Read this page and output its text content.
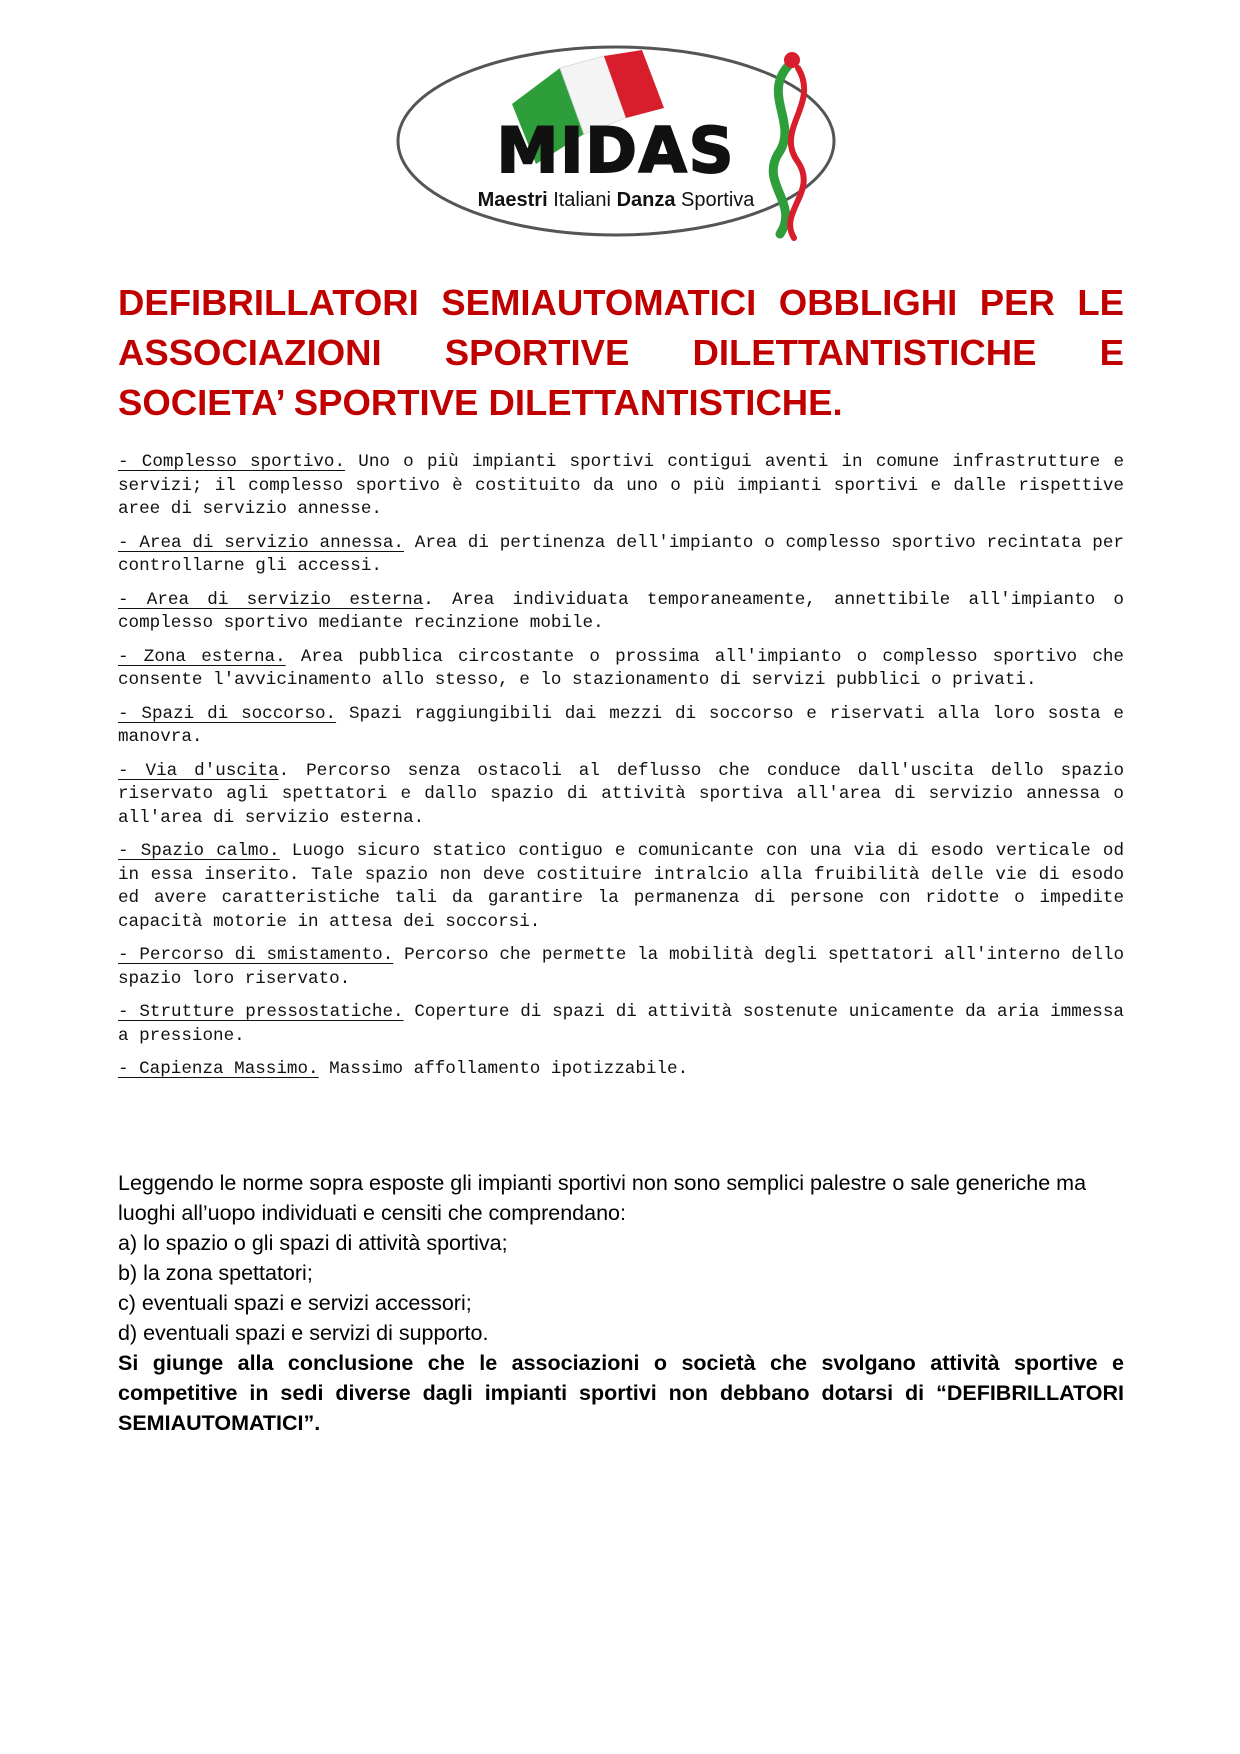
MIDAS
Maestri Italiani Danza Sportiva
DEFIBRILLATORI SEMIAUTOMATICI OBBLIGHI PER LE ASSOCIAZIONI SPORTIVE DILETTANTISTICHE E SOCIETA’ SPORTIVE DILETTANTISTICHE.

- Complesso sportivo. Uno o più impianti sportivi contigui aventi in comune infrastrutture e servizi; il complesso sportivo è costituito da uno o più impianti sportivi e dalle rispettive aree di servizio annesse.

- Area di servizio annessa. Area di pertinenza dell'impianto o complesso sportivo recintata per controllarne gli accessi.

- Area di servizio esterna. Area individuata temporaneamente, annettibile all'impianto o complesso sportivo mediante recinzione mobile.

- Zona esterna. Area pubblica circostante o prossima all'impianto o complesso sportivo che consente l'avvicinamento allo stesso, e lo stazionamento di servizi pubblici o privati.

- Spazi di soccorso. Spazi raggiungibili dai mezzi di soccorso e riservati alla loro sosta e manovra.

- Via d'uscita. Percorso senza ostacoli al deflusso che conduce dall'uscita dello spazio riservato agli spettatori e dallo spazio di attività sportiva all'area di servizio annessa o all'area di servizio esterna.

- Spazio calmo. Luogo sicuro statico contiguo e comunicante con una via di esodo verticale od in essa inserito. Tale spazio non deve costituire intralcio alla fruibilità delle vie di esodo ed avere caratteristiche tali da garantire la permanenza di persone con ridotte o impedite capacità motorie in attesa dei soccorsi.

- Percorso di smistamento. Percorso che permette la mobilità degli spettatori all'interno dello spazio loro riservato.

- Strutture pressostatiche. Coperture di spazi di attività sostenute unicamente da aria immessa a pressione.

- Capienza Massimo. Massimo affollamento ipotizzabile.

Leggendo le norme sopra esposte gli impianti sportivi non sono semplici palestre o sale generiche ma luoghi all’uopo individuati e censiti che comprendano:

a) lo spazio o gli spazi di attività sportiva;

b) la zona spettatori;

c) eventuali spazi e servizi accessori;

d) eventuali spazi e servizi di supporto.

Si giunge alla conclusione che le associazioni o società che svolgano attività sportive e competitive in sedi diverse dagli impianti sportivi non debbano dotarsi di “DEFIBRILLATORI SEMIAUTOMATICI”.
